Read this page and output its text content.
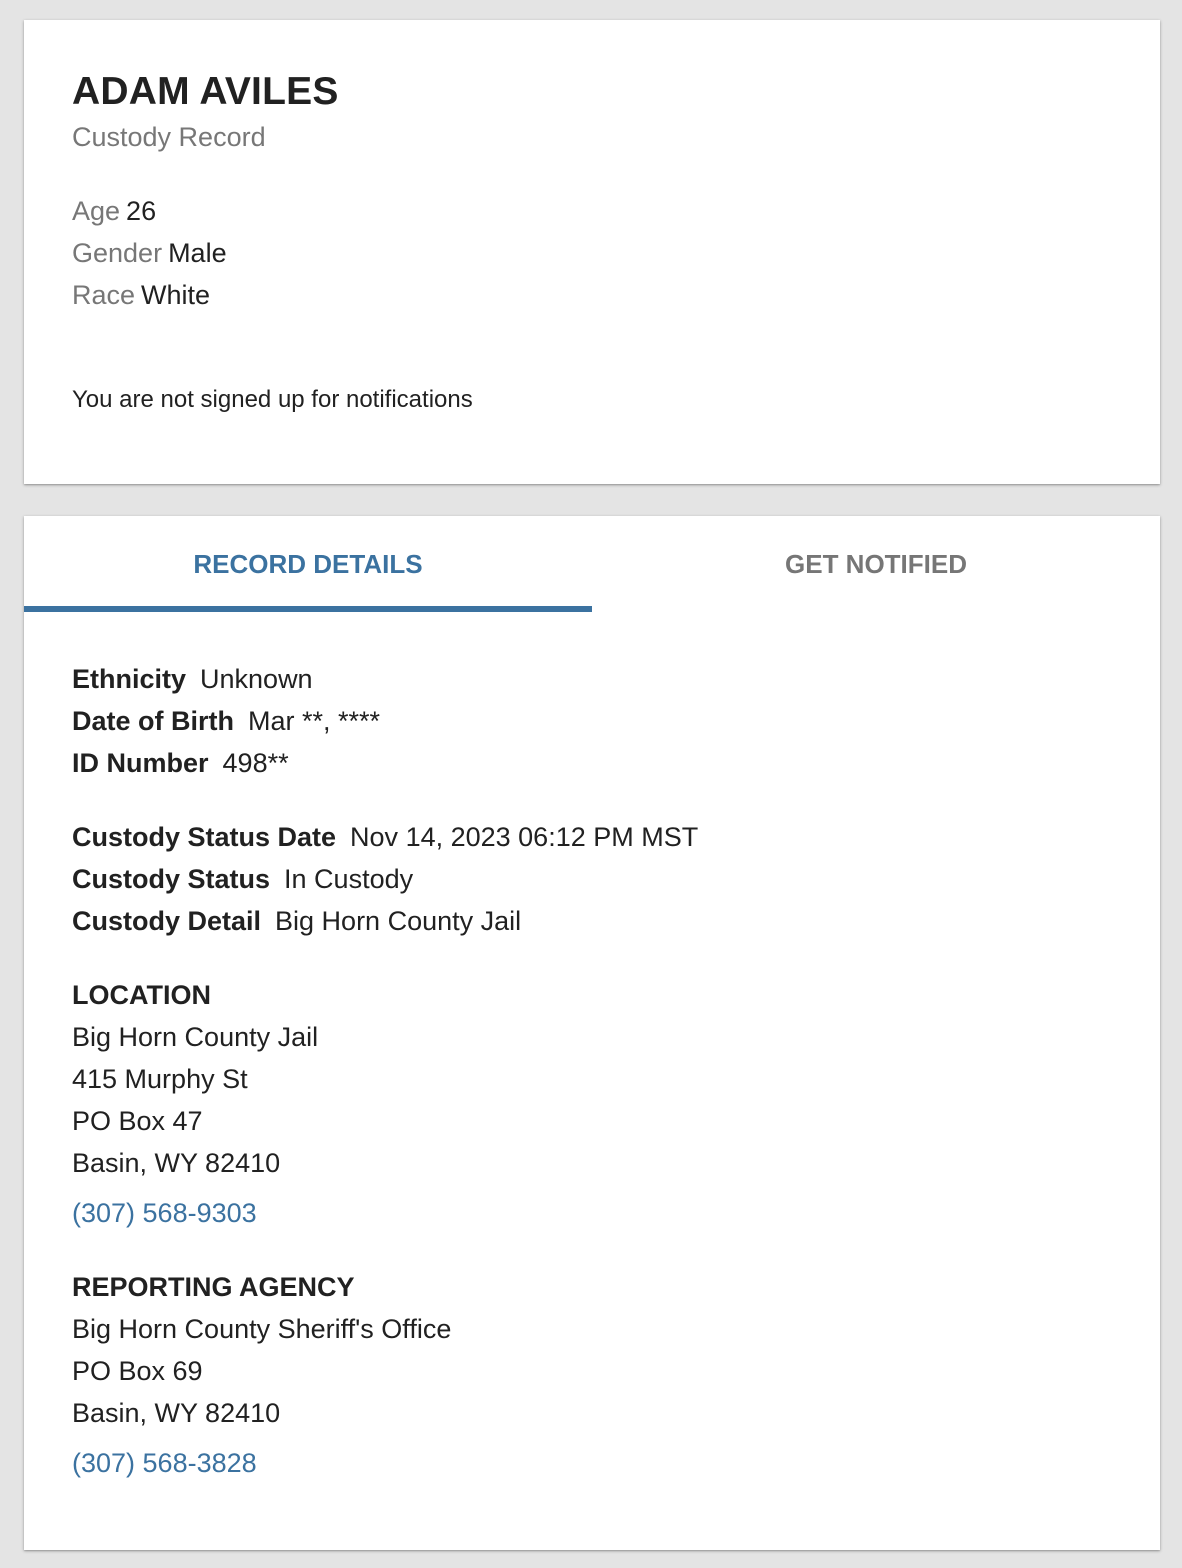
ADAM AVILES
Custody Record
Age 26
Gender Male
Race White
You are not signed up for notifications
RECORD DETAILS	GET NOTIFIED
Ethnicity Unknown
Date of Birth Mar **, ****
ID Number 498**
Custody Status Date Nov 14, 2023 06:12 PM MST
Custody Status In Custody
Custody Detail Big Horn County Jail
LOCATION
Big Horn County Jail
415 Murphy St
PO Box 47
Basin, WY 82410
(307) 568-9303
REPORTING AGENCY
Big Horn County Sheriff's Office
PO Box 69
Basin, WY 82410
(307) 568-3828
